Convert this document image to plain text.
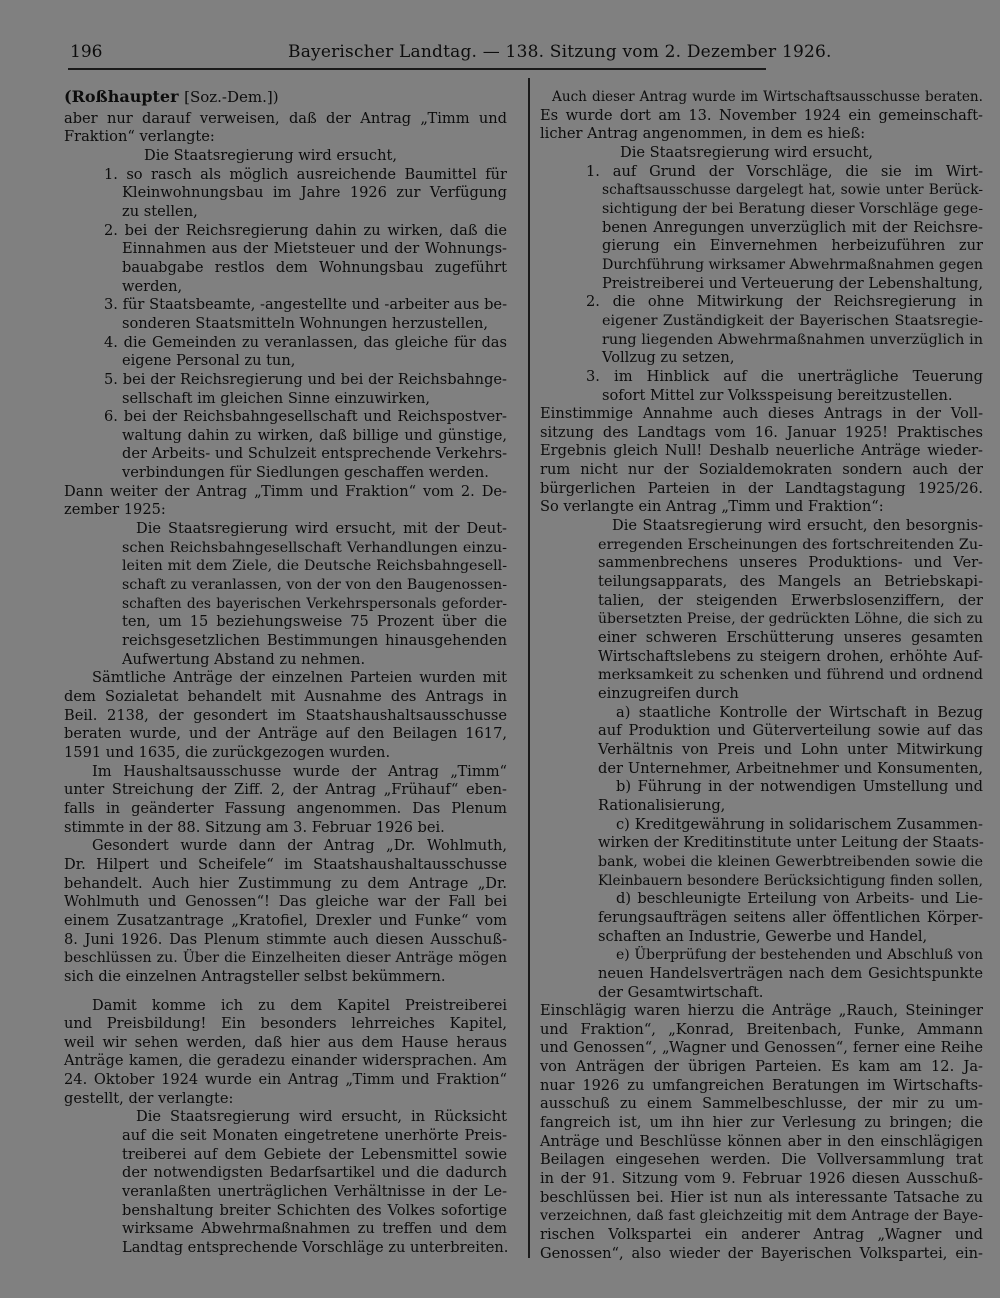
196	Bayerischer Landtag. — 138. Sitzung vom 2. Dezember 1926.
(Roßhaupter [Soz.-Dem.])
aber nur darauf verweisen, daß der Antrag „Timm und
Fraktion“ verlangte:
Die Staatsregierung wird ersucht,
1. so rasch als möglich ausreichende Baumittel für
Kleinwohnungsbau im Jahre 1926 zur Verfügung
zu stellen,
2. bei der Reichsregierung dahin zu wirken, daß die
Einnahmen aus der Mietsteuer und der Wohnungs-
bauabgabe restlos dem Wohnungsbau zugeführt
werden,
3. für Staatsbeamte, -angestellte und -arbeiter aus be-
sonderen Staatsmitteln Wohnungen herzustellen,
4. die Gemeinden zu veranlassen, das gleiche für das
eigene Personal zu tun,
5. bei der Reichsregierung und bei der Reichsbahnge-
sellschaft im gleichen Sinne einzuwirken,
6. bei der Reichsbahngesellschaft und Reichspostver-
waltung dahin zu wirken, daß billige und günstige,
der Arbeits- und Schulzeit entsprechende Verkehrs-
verbindungen für Siedlungen geschaffen werden.
Dann weiter der Antrag „Timm und Fraktion“ vom 2. De-
zember 1925:
Die Staatsregierung wird ersucht, mit der Deut-
schen Reichsbahngesellschaft Verhandlungen einzu-
leiten mit dem Ziele, die Deutsche Reichsbahngesell-
schaft zu veranlassen, von der von den Baugenossen-
schaften des bayerischen Verkehrspersonals geforder-
ten, um 15 beziehungsweise 75 Prozent über die
reichsgesetzlichen Bestimmungen hinausgehenden
Aufwertung Abstand zu nehmen.
Sämtliche Anträge der einzelnen Parteien wurden mit
dem Sozialetat behandelt mit Ausnahme des Antrags in
Beil. 2138, der gesondert im Staatshaushaltsausschusse
beraten wurde, und der Anträge auf den Beilagen 1617,
1591 und 1635, die zurückgezogen wurden.
Im Haushaltsausschusse wurde der Antrag „Timm“
unter Streichung der Ziff. 2, der Antrag „Frühauf“ eben-
falls in geänderter Fassung angenommen. Das Plenum
stimmte in der 88. Sitzung am 3. Februar 1926 bei.
Gesondert wurde dann der Antrag „Dr. Wohlmuth,
Dr. Hilpert und Scheifele“ im Staatshaushaltausschusse
behandelt. Auch hier Zustimmung zu dem Antrage „Dr.
Wohlmuth und Genossen“! Das gleiche war der Fall bei
einem Zusatzantrage „Kratofiel, Drexler und Funke“ vom
8. Juni 1926. Das Plenum stimmte auch diesen Ausschuß-
beschlüssen zu. Über die Einzelheiten dieser Anträge mögen
sich die einzelnen Antragsteller selbst bekümmern.
Damit komme ich zu dem Kapitel Preistreiberei
und Preisbildung! Ein besonders lehrreiches Kapitel,
weil wir sehen werden, daß hier aus dem Hause heraus
Anträge kamen, die geradezu einander widersprachen. Am
24. Oktober 1924 wurde ein Antrag „Timm und Fraktion“
gestellt, der verlangte:
Die Staatsregierung wird ersucht, in Rücksicht
auf die seit Monaten eingetretene unerhörte Preis-
treiberei auf dem Gebiete der Lebensmittel sowie
der notwendigsten Bedarfsartikel und die dadurch
veranlaßten unerträglichen Verhältnisse in der Le-
benshaltung breiter Schichten des Volkes sofortige
wirksame Abwehrmaßnahmen zu treffen und dem
Landtag entsprechende Vorschläge zu unterbreiten.
Auch dieser Antrag wurde im Wirtschaftsausschusse beraten.
Es wurde dort am 13. November 1924 ein gemeinschaft-
licher Antrag angenommen, in dem es hieß:
Die Staatsregierung wird ersucht,
1. auf Grund der Vorschläge, die sie im Wirt-
schaftsausschusse dargelegt hat, sowie unter Berück-
sichtigung der bei Beratung dieser Vorschläge gege-
benen Anregungen unverzüglich mit der Reichsre-
gierung ein Einvernehmen herbeizuführen zur
Durchführung wirksamer Abwehrmaßnahmen gegen
Preistreiberei und Verteuerung der Lebenshaltung,
2. die ohne Mitwirkung der Reichsregierung in
eigener Zuständigkeit der Bayerischen Staatsregie-
rung liegenden Abwehrmaßnahmen unverzüglich in
Vollzug zu setzen,
3. im Hinblick auf die unerträgliche Teuerung
sofort Mittel zur Volksspeisung bereitzustellen.
Einstimmige Annahme auch dieses Antrags in der Voll-
sitzung des Landtags vom 16. Januar 1925! Praktisches
Ergebnis gleich Null! Deshalb neuerliche Anträge wieder-
rum nicht nur der Sozialdemokraten sondern auch der
bürgerlichen Parteien in der Landtagstagung 1925/26.
So verlangte ein Antrag „Timm und Fraktion“:
Die Staatsregierung wird ersucht, den besorgnis-
erregenden Erscheinungen des fortschreitenden Zu-
sammenbrechens unseres Produktions- und Ver-
teilungsapparats, des Mangels an Betriebskapi-
talien, der steigenden Erwerbslosenziffern, der
übersetzten Preise, der gedrückten Löhne, die sich zu
einer schweren Erschütterung unseres gesamten
Wirtschaftslebens zu steigern drohen, erhöhte Auf-
merksamkeit zu schenken und führend und ordnend
einzugreifen durch
a) staatliche Kontrolle der Wirtschaft in Bezug
auf Produktion und Güterverteilung sowie auf das
Verhältnis von Preis und Lohn unter Mitwirkung
der Unternehmer, Arbeitnehmer und Konsumenten,
b) Führung in der notwendigen Umstellung und
Rationalisierung,
c) Kreditgewährung in solidarischem Zusammen-
wirken der Kreditinstitute unter Leitung der Staats-
bank, wobei die kleinen Gewerbtreibenden sowie die
Kleinbauern besondere Berücksichtigung finden sollen,
d) beschleunigte Erteilung von Arbeits- und Lie-
ferungsaufträgen seitens aller öffentlichen Körper-
schaften an Industrie, Gewerbe und Handel,
e) Überprüfung der bestehenden und Abschluß von
neuen Handelsverträgen nach dem Gesichtspunkte
der Gesamtwirtschaft.
Einschlägig waren hierzu die Anträge „Rauch, Steininger
und Fraktion“, „Konrad, Breitenbach, Funke, Ammann
und Genossen“, „Wagner und Genossen“, ferner eine Reihe
von Anträgen der übrigen Parteien. Es kam am 12. Ja-
nuar 1926 zu umfangreichen Beratungen im Wirtschafts-
ausschuß zu einem Sammelbeschlusse, der mir zu um-
fangreich ist, um ihn hier zur Verlesung zu bringen; die
Anträge und Beschlüsse können aber in den einschlägigen
Beilagen eingesehen werden. Die Vollversammlung trat
in der 91. Sitzung vom 9. Februar 1926 diesen Ausschuß-
beschlüssen bei. Hier ist nun als interessante Tatsache zu
verzeichnen, daß fast gleichzeitig mit dem Antrage der Baye-
rischen Volkspartei ein anderer Antrag „Wagner und
Genossen“, also wieder der Bayerischen Volkspartei, ein-
